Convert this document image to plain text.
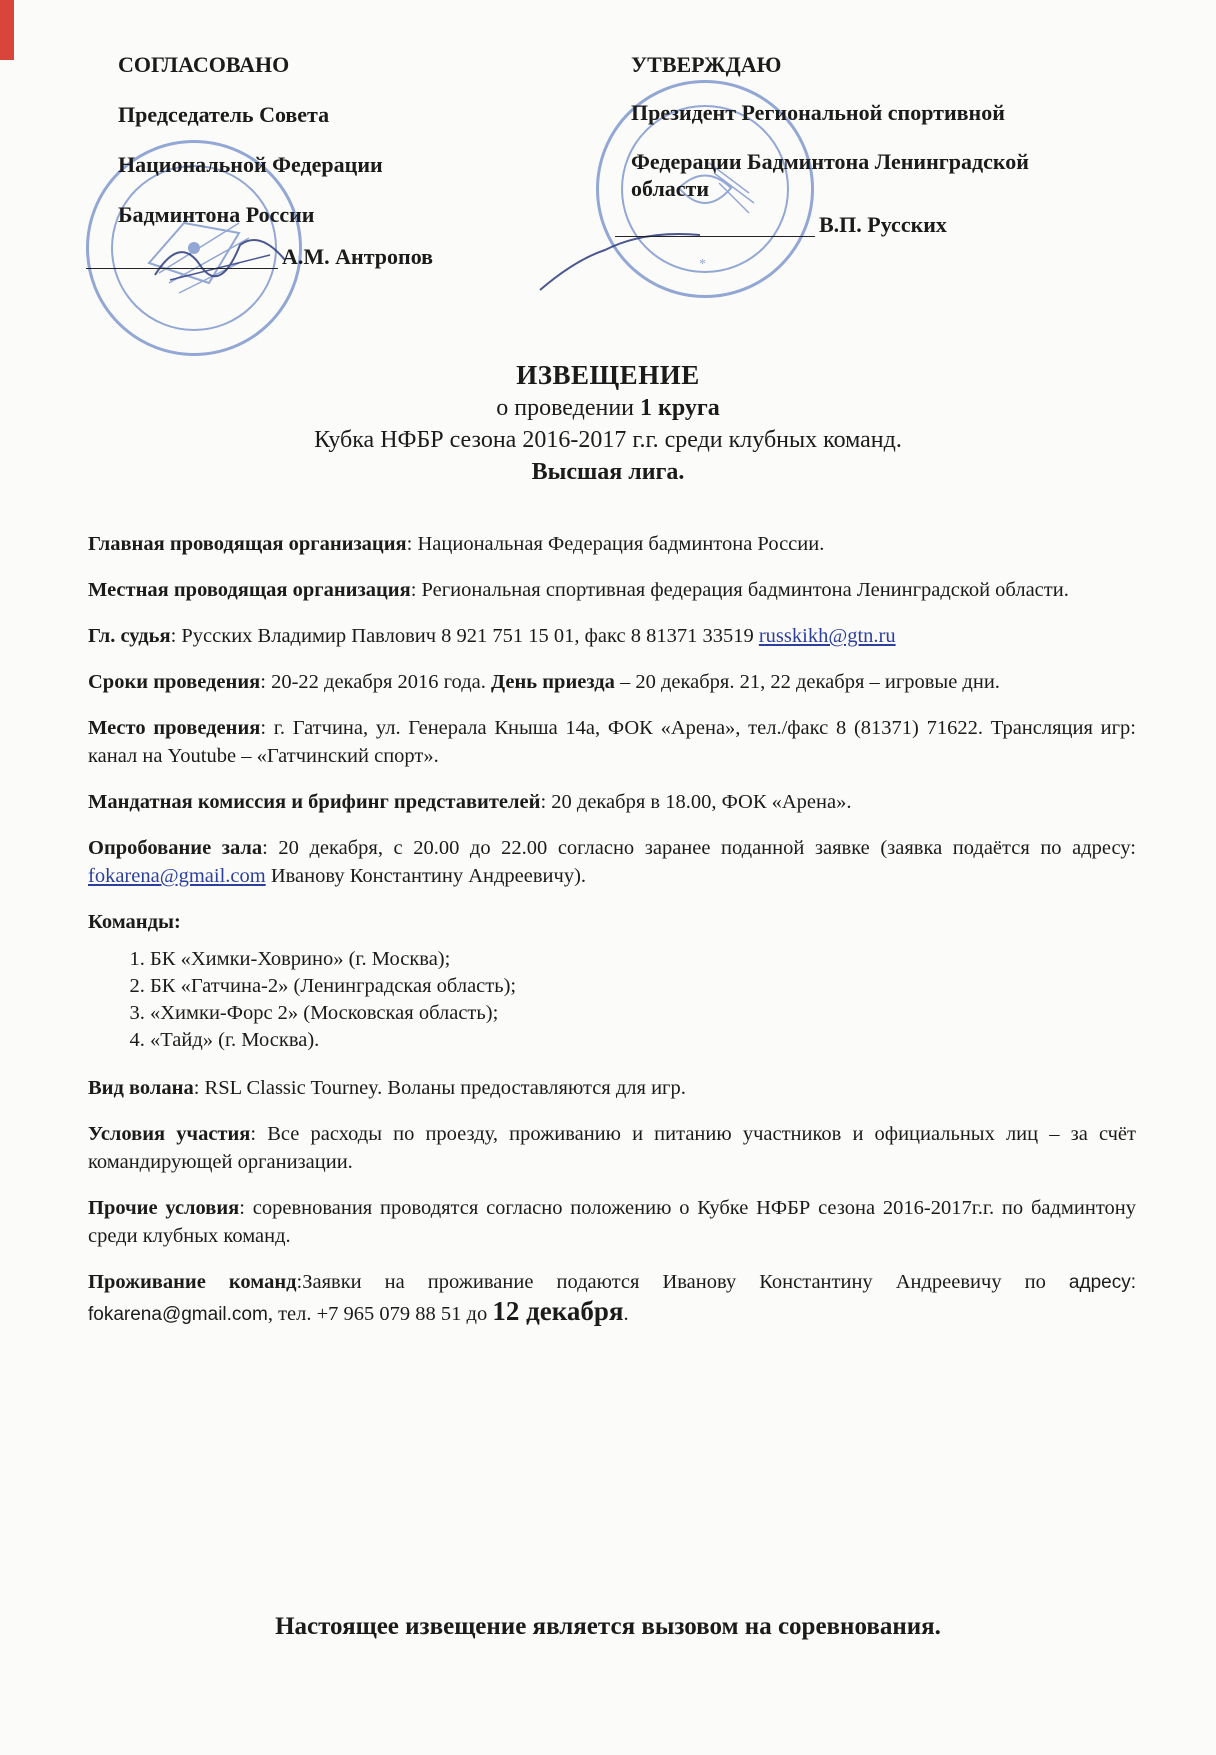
*
СОГЛАСОВАНО
Председатель Совета
Национальной Федерации
Бадминтона России
А.М. Антропов
УТВЕРЖДАЮ
Президент Региональной спортивной
Федерации Бадминтона Ленинградской области
В.П. Русских
ИЗВЕЩЕНИЕ
о проведении 1 круга
Кубка НФБР сезона 2016-2017 г.г. среди клубных команд.
Высшая лига.

Главная проводящая организация: Национальная Федерация бадминтона России.

Местная проводящая организация: Региональная спортивная федерация бадминтона Ленинградской области.

Гл. судья: Русских Владимир Павлович 8 921 751 15 01, факс 8 81371 33519 russkikh@gtn.ru

Сроки проведения: 20-22 декабря 2016 года. День приезда – 20 декабря. 21, 22 декабря – игровые дни.

Место проведения: г. Гатчина, ул. Генерала Кныша 14а, ФОК «Арена», тел./факс 8 (81371) 71622. Трансляция игр: канал на Youtube – «Гатчинский спорт».

Мандатная комиссия и брифинг представителей: 20 декабря в 18.00, ФОК «Арена».

Опробование зала: 20 декабря, с 20.00 до 22.00 согласно заранее поданной заявке (заявка подаётся по адресу: fokarena@gmail.com Иванову Константину Андреевичу).

Команды:

1. БК «Химки-Ховрино» (г. Москва);
2. БК «Гатчина-2» (Ленинградская область);
3. «Химки-Форс 2» (Московская область);
4. «Тайд» (г. Москва).

Вид волана: RSL Classic Tourney. Воланы предоставляются для игр.

Условия участия: Все расходы по проезду, проживанию и питанию участников и официальных лиц – за счёт командирующей организации.

Прочие условия: соревнования проводятся согласно положению о Кубке НФБР сезона 2016-2017г.г. по бадминтону среди клубных команд.

Проживание команд:Заявки на проживание подаются Иванову Константину Андреевичу по адресу: fokarena@gmail.com, тел. +7 965 079 88 51 до 12 декабря.

Настоящее извещение является вызовом на соревнования.
